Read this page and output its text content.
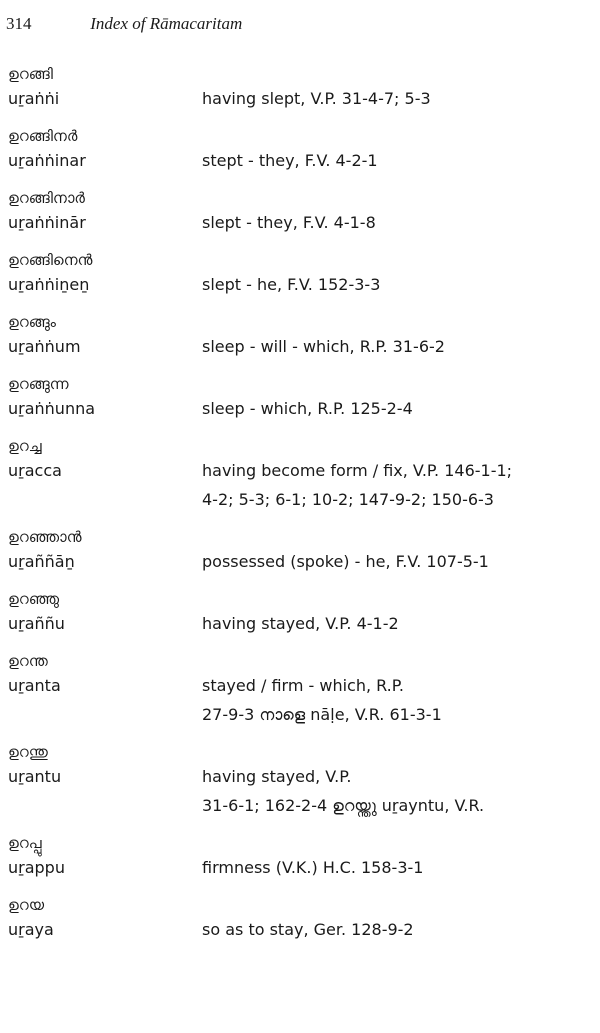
314	Index of Rāmacaritam
ഉറങ്ങി
uṟaṅṅi	having slept, V.P. 31-4-7; 5-3
ഉറങ്ങിനർ
uṟaṅṅinar	stept - they, F.V. 4-2-1
ഉറങ്ങിനാർ
uṟaṅṅinār	slept - they, F.V. 4-1-8
ഉറങ്ങിനെൻ
uṟaṅṅiṉeṉ	slept - he, F.V. 152-3-3
ഉറങ്ങും
uṟaṅṅum	sleep - will - which, R.P. 31-6-2
ഉറങ്ങുന്ന
uṟaṅṅunna	sleep - which, R.P. 125-2-4
ഉറച്ച
uṟacca	having become form / fix, V.P. 146-1-1;
4-2; 5-3; 6-1; 10-2; 147-9-2; 150-6-3
ഉറഞ്ഞാൻ
uṟaññāṉ	possessed (spoke) - he, F.V. 107-5-1
ഉറഞ്ഞു
uṟaññu	having stayed, V.P. 4-1-2
ഉറന്ത
uṟanta	stayed / firm - which, R.P.
27-9-3 നാളെ nāḷe, V.R. 61-3-1
ഉറന്തു
uṟantu	having stayed, V.P.
31-6-1; 162-2-4 ഉറയ്ന്തു uṟayntu, V.R.
ഉറപ്പു
uṟappu	firmness (V.K.) H.C. 158-3-1
ഉറയ
uṟaya	so as to stay, Ger. 128-9-2
